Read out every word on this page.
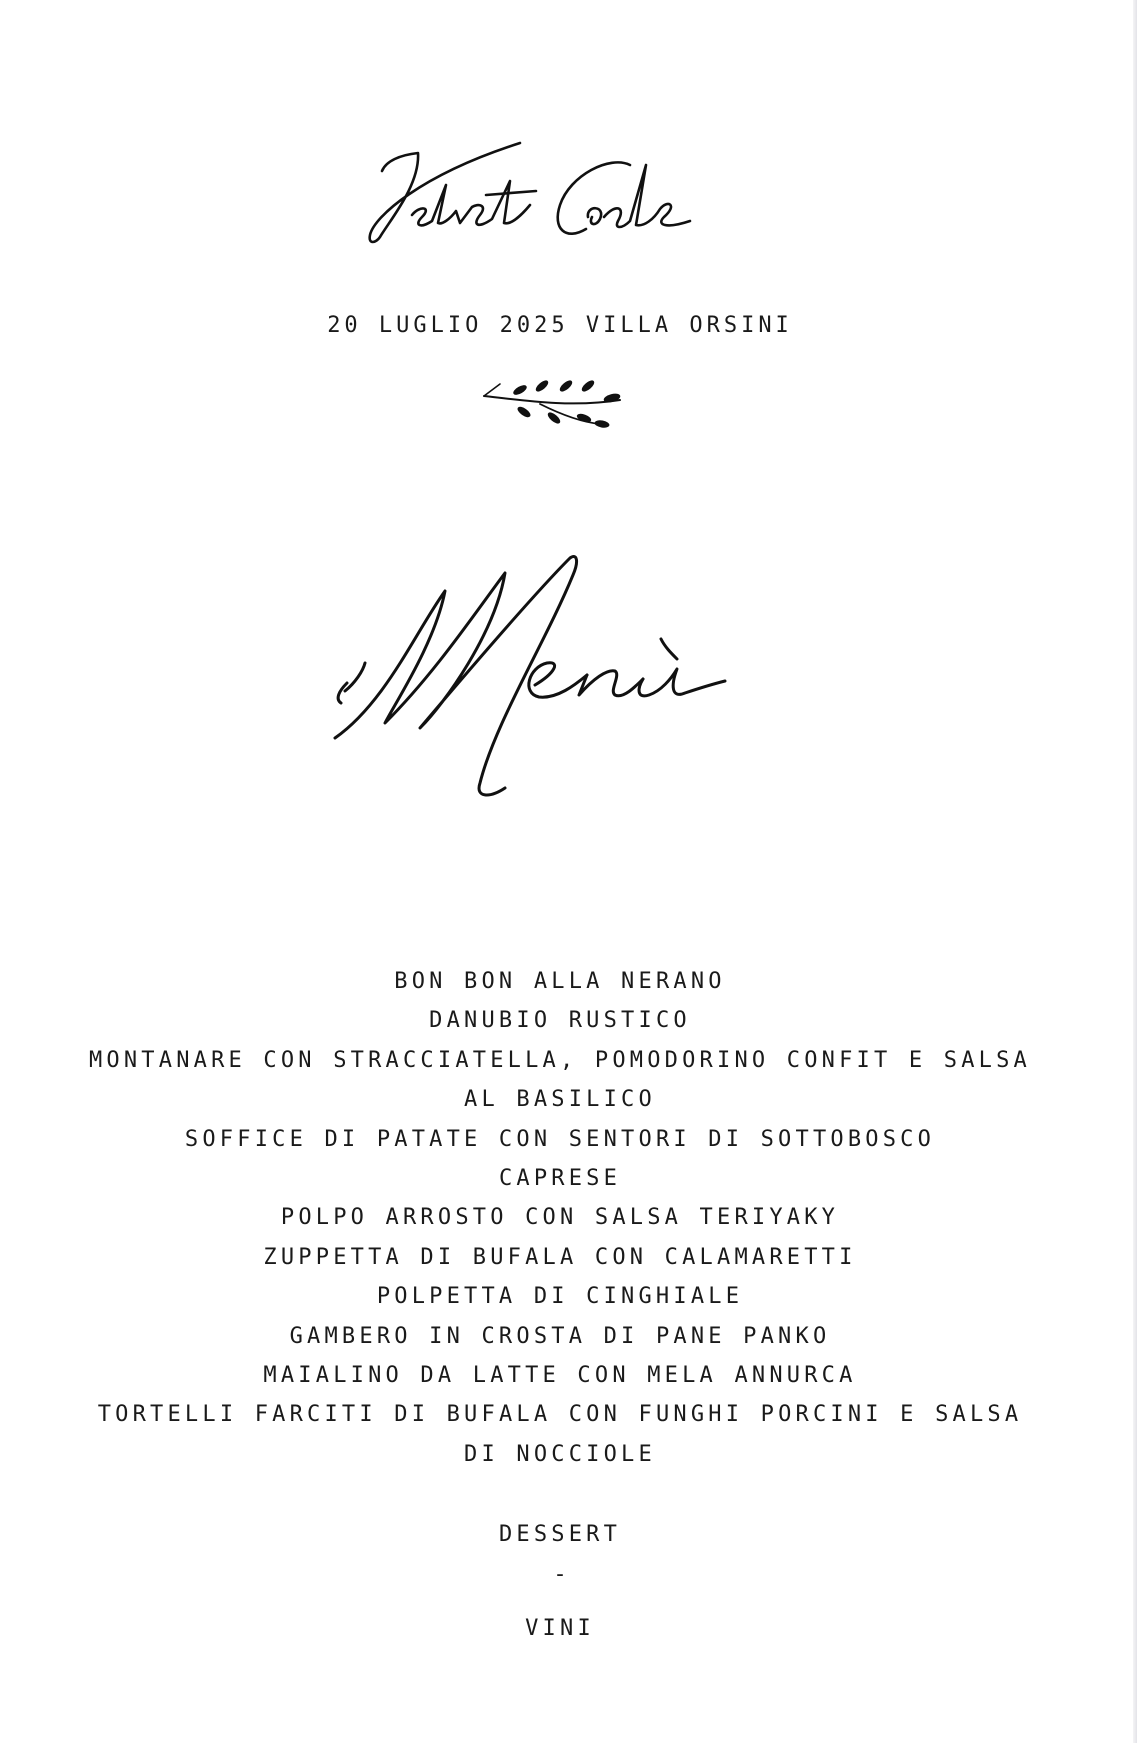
20 LUGLIO 2025 VILLA ORSINI
BON BON ALLA NERANO
DANUBIO RUSTICO
MONTANARE CON STRACCIATELLA, POMODORINO CONFIT E SALSA AL BASILICO
SOFFICE DI PATATE CON SENTORI DI SOTTOBOSCO
CAPRESE
POLPO ARROSTO CON SALSA TERIYAKY
ZUPPETTA DI BUFALA CON CALAMARETTI
POLPETTA DI CINGHIALE
GAMBERO IN CROSTA DI PANE PANKO
MAIALINO DA LATTE CON MELA ANNURCA
TORTELLI FARCITI DI BUFALA CON FUNGHI PORCINI E SALSA DI NOCCIOLE
DESSERT
-
VINI
